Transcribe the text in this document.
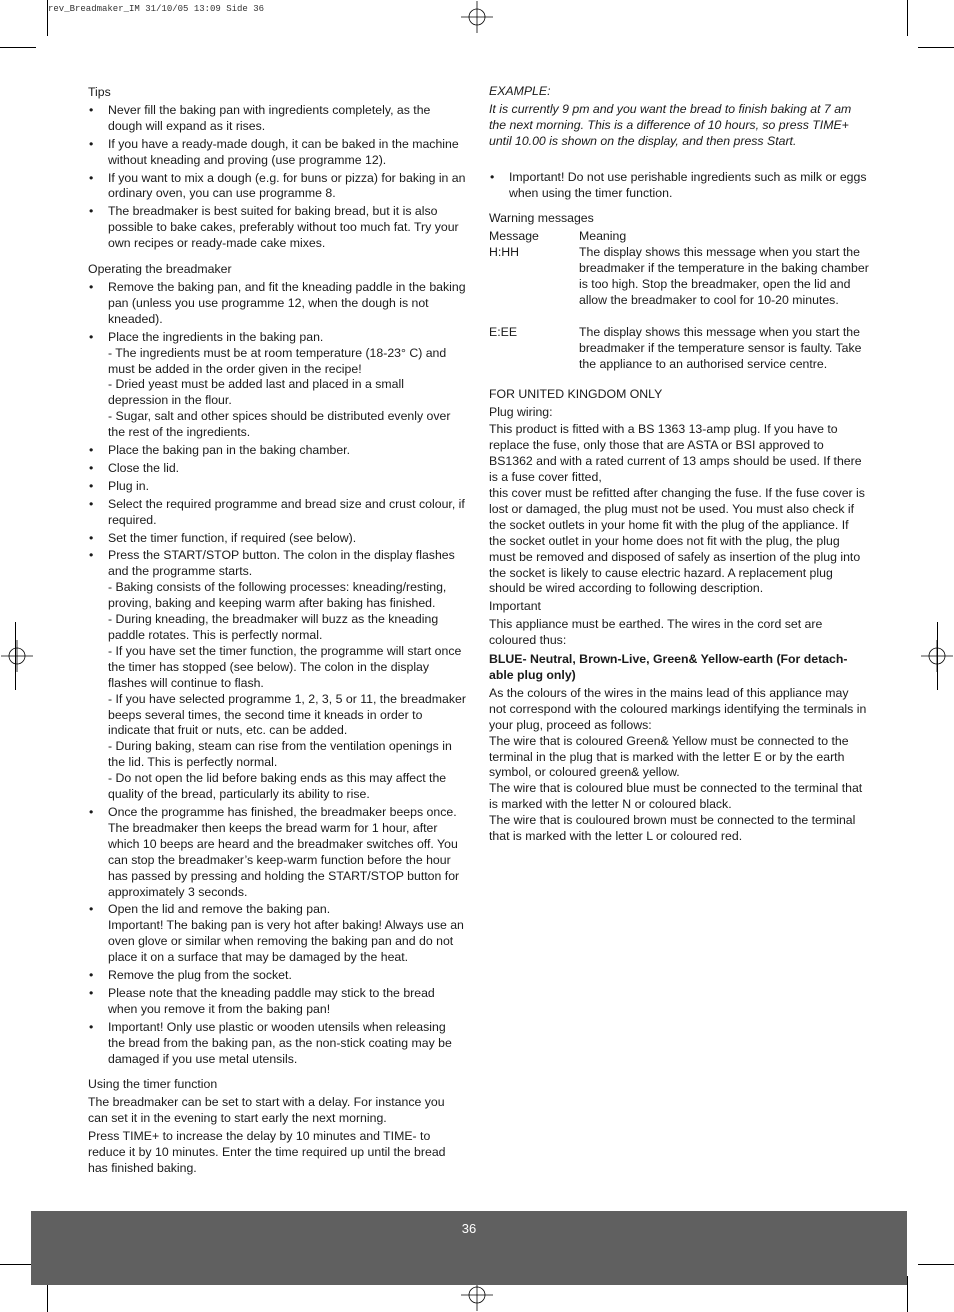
rev_Breadmaker_IM 31/10/05 13:09 Side 36
Tips
• Never fill the baking pan with ingredients completely, as the dough will expand as it rises.
• If you have a ready-made dough, it can be baked in the machine without kneading and proving (use programme 12).
• If you want to mix a dough (e.g. for buns or pizza) for baking in an ordinary oven, you can use programme 8.
• The breadmaker is best suited for baking bread, but it is also possible to bake cakes, preferably without too much fat. Try your own recipes or ready-made cake mixes.
Operating the breadmaker
• Remove the baking pan, and fit the kneading paddle in the baking pan (unless you use programme 12, when the dough is not kneaded).
• Place the ingredients in the baking pan.
- The ingredients must be at room temperature (18-23° C) and must be added in the order given in the recipe!
- Dried yeast must be added last and placed in a small depression in the flour.
- Sugar, salt and other spices should be distributed evenly over the rest of the ingredients.
• Place the baking pan in the baking chamber.
• Close the lid.
• Plug in.
• Select the required programme and bread size and crust colour, if required.
• Set the timer function, if required (see below).
• Press the START/STOP button. The colon in the display flashes and the programme starts.
- Baking consists of the following processes: kneading/resting, proving, baking and keeping warm after baking has finished.
- During kneading, the breadmaker will buzz as the kneading paddle rotates. This is perfectly normal.
- If you have set the timer function, the programme will start once the timer has stopped (see below). The colon in the display flashes will continue to flash.
- If you have selected programme 1, 2, 3, 5 or 11, the breadmaker beeps several times, the second time it kneads in order to indicate that fruit or nuts, etc. can be added.
- During baking, steam can rise from the ventilation openings in the lid. This is perfectly normal.
- Do not open the lid before baking ends as this may affect the quality of the bread, particularly its ability to rise.
• Once the programme has finished, the breadmaker beeps once. The breadmaker then keeps the bread warm for 1 hour, after which 10 beeps are heard and the breadmaker switches off. You can stop the breadmaker’s keep-warm function before the hour has passed by pressing and holding the START/STOP button for approximately 3 seconds.
• Open the lid and remove the baking pan.
Important! The baking pan is very hot after baking! Always use an oven glove or similar when removing the baking pan and do not place it on a surface that may be damaged by the heat.
• Remove the plug from the socket.
• Please note that the kneading paddle may stick to the bread when you remove it from the baking pan!
• Important! Only use plastic or wooden utensils when releasing the bread from the baking pan, as the non-stick coating may be damaged if you use metal utensils.
Using the timer function

The breadmaker can be set to start with a delay. For instance you can set it in the evening to start early the next morning.

Press TIME+ to increase the delay by 10 minutes and TIME- to reduce it by 10 minutes. Enter the time required up until the bread has finished baking.

EXAMPLE:

It is currently 9 pm and you want the bread to finish baking at 7 am the next morning. This is a difference of 10 hours, so press TIME+ until 10.00 is shown on the display, and then press Start.

• Important! Do not use perishable ingredients such as milk or eggs when using the timer function.
Warning messages
Message	Meaning
H:HH	The display shows this message when you start the breadmaker if the temperature in the baking chamber is too high. Stop the breadmaker, open the lid and allow the breadmaker to cool for 10-20 minutes.
E:EE	The display shows this message when you start the breadmaker if the temperature sensor is faulty. Take the appliance to an authorised service centre.
FOR UNITED KINGDOM ONLY

Plug wiring:

This product is fitted with a BS 1363 13-amp plug. If you have to replace the fuse, only those that are ASTA or BSI approved to BS1362 and with a rated current of 13 amps should be used. If there is a fuse cover fitted,

this cover must be refitted after changing the fuse. If the fuse cover is lost or damaged, the plug must not be used. You must also check if the socket outlets in your home fit with the plug of the appliance. If the socket outlet in your home does not fit with the plug, the plug must be removed and disposed of safely as insertion of the plug into the socket is likely to cause electric hazard. A replacement plug should be wired according to following description.

Important

This appliance must be earthed. The wires in the cord set are coloured thus:

BLUE- Neutral, Brown-Live, Green& Yellow-earth (For detach-able plug only)

As the colours of the wires in the mains lead of this appliance may not correspond with the coloured markings identifying the terminals in your plug, proceed as follows:

The wire that is coloured Green& Yellow must be connected to the terminal in the plug that is marked with the letter E or by the earth symbol, or coloured green& yellow.

The wire that is coloured blue must be connected to the terminal that is marked with the letter N or coloured black.

The wire that is couloured brown must be connected to the terminal that is marked with the letter L or coloured red.

36
